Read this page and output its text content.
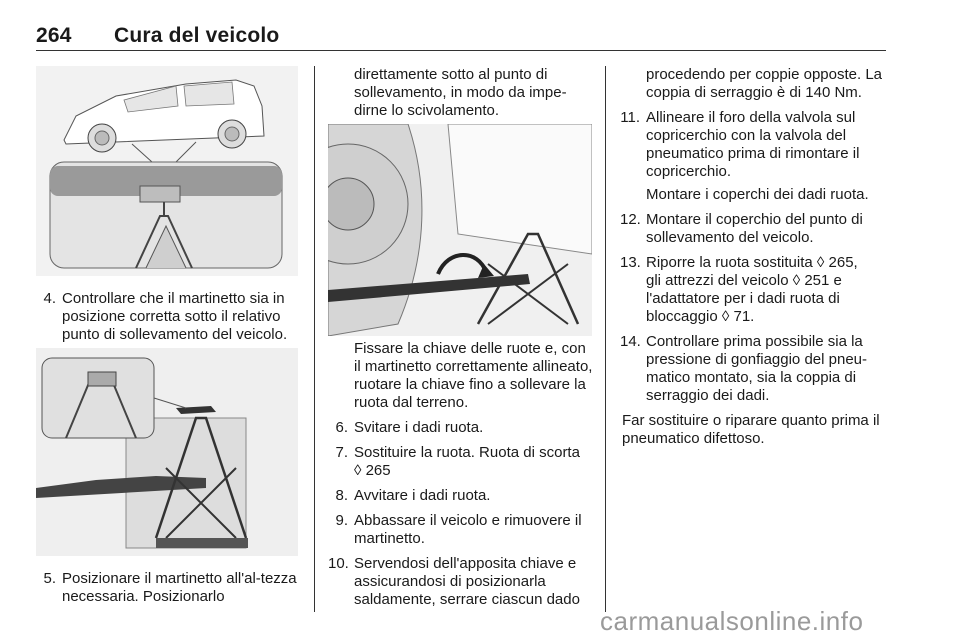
264 Cura del veicolo
4. Controllare che il martinetto sia in posizione corretta sotto il relativo punto di sollevamento del veicolo.
5. Posizionare il martinetto all'al-tezza necessaria. Posizionarlo
direttamente sotto al punto di sollevamento, in modo da impe-dirne lo scivolamento.
Fissare la chiave delle ruote e, con il martinetto correttamente allineato, ruotare la chiave fino a sollevare la ruota dal terreno.
6. Svitare i dadi ruota.
7. Sostituire la ruota. Ruota di scorta
◊ 265
8. Avvitare i dadi ruota.
9. Abbassare il veicolo e rimuovere il martinetto.
10. Servendosi dell'apposita chiave e assicurandosi di posizionarla saldamente, serrare ciascun dado
procedendo per coppie opposte. La coppia di serraggio è di 140 Nm.
11. Allineare il foro della valvola sul copricerchio con la valvola del pneumatico prima di rimontare il copricerchio.
Montare i coperchi dei dadi ruota.
12. Montare il coperchio del punto di sollevamento del veicolo.
13. Riporre la ruota sostituita ◊ 265,
gli attrezzi del veicolo ◊ 251 e
l'adattatore per i dadi ruota di bloccaggio ◊ 71.
14. Controllare prima possibile sia la pressione di gonfiaggio del pneu-matico montato, sia la coppia di serraggio dei dadi.
Far sostituire o riparare quanto prima il pneumatico difettoso.
carmanualsonline.info
